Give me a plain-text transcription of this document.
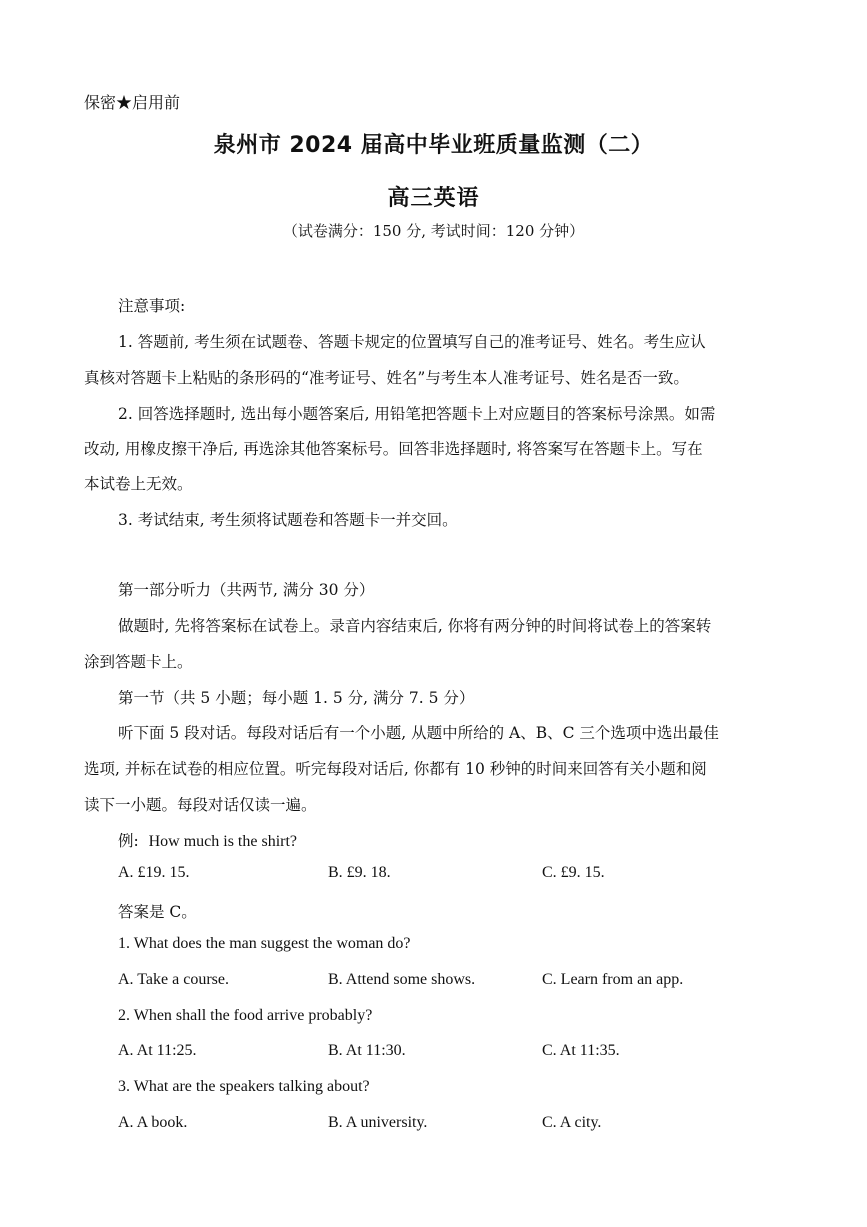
保密★启用前
泉州市 2024 届高中毕业班质量监测（二）
高三英语
（试卷满分：150 分, 考试时间：120 分钟）
注意事项:
1. 答题前, 考生须在试题卷、答题卡规定的位置填写自己的准考证号、姓名。考生应认
真核对答题卡上粘贴的条形码的“准考证号、姓名”与考生本人准考证号、姓名是否一致。
2. 回答选择题时, 选出每小题答案后, 用铅笔把答题卡上对应题目的答案标号涂黑。如需
改动, 用橡皮擦干净后, 再选涂其他答案标号。回答非选择题时, 将答案写在答题卡上。写在
本试卷上无效。
3. 考试结束, 考生须将试题卷和答题卡一并交回。
第一部分听力（共两节, 满分 30 分）
做题时, 先将答案标在试卷上。录音内容结束后, 你将有两分钟的时间将试卷上的答案转
涂到答题卡上。
第一节（共 5 小题；每小题 1. 5 分, 满分 7. 5 分）
听下面 5 段对话。每段对话后有一个小题, 从题中所给的 A、B、C 三个选项中选出最佳
选项, 并标在试卷的相应位置。听完每段对话后, 你都有 10 秒钟的时间来回答有关小题和阅
读下一小题。每段对话仅读一遍。
例: How much is the shirt?
A. £19. 15.	B. £9. 18.	C. £9. 15.
答案是 C。
1. What does the man suggest the woman do?
A. Take a course.	B. Attend some shows.	C. Learn from an app.
2. When shall the food arrive probably?
A. At 11:25.	B. At 11:30.	C. At 11:35.
3. What are the speakers talking about?
A. A book.	B. A university.	C. A city.
